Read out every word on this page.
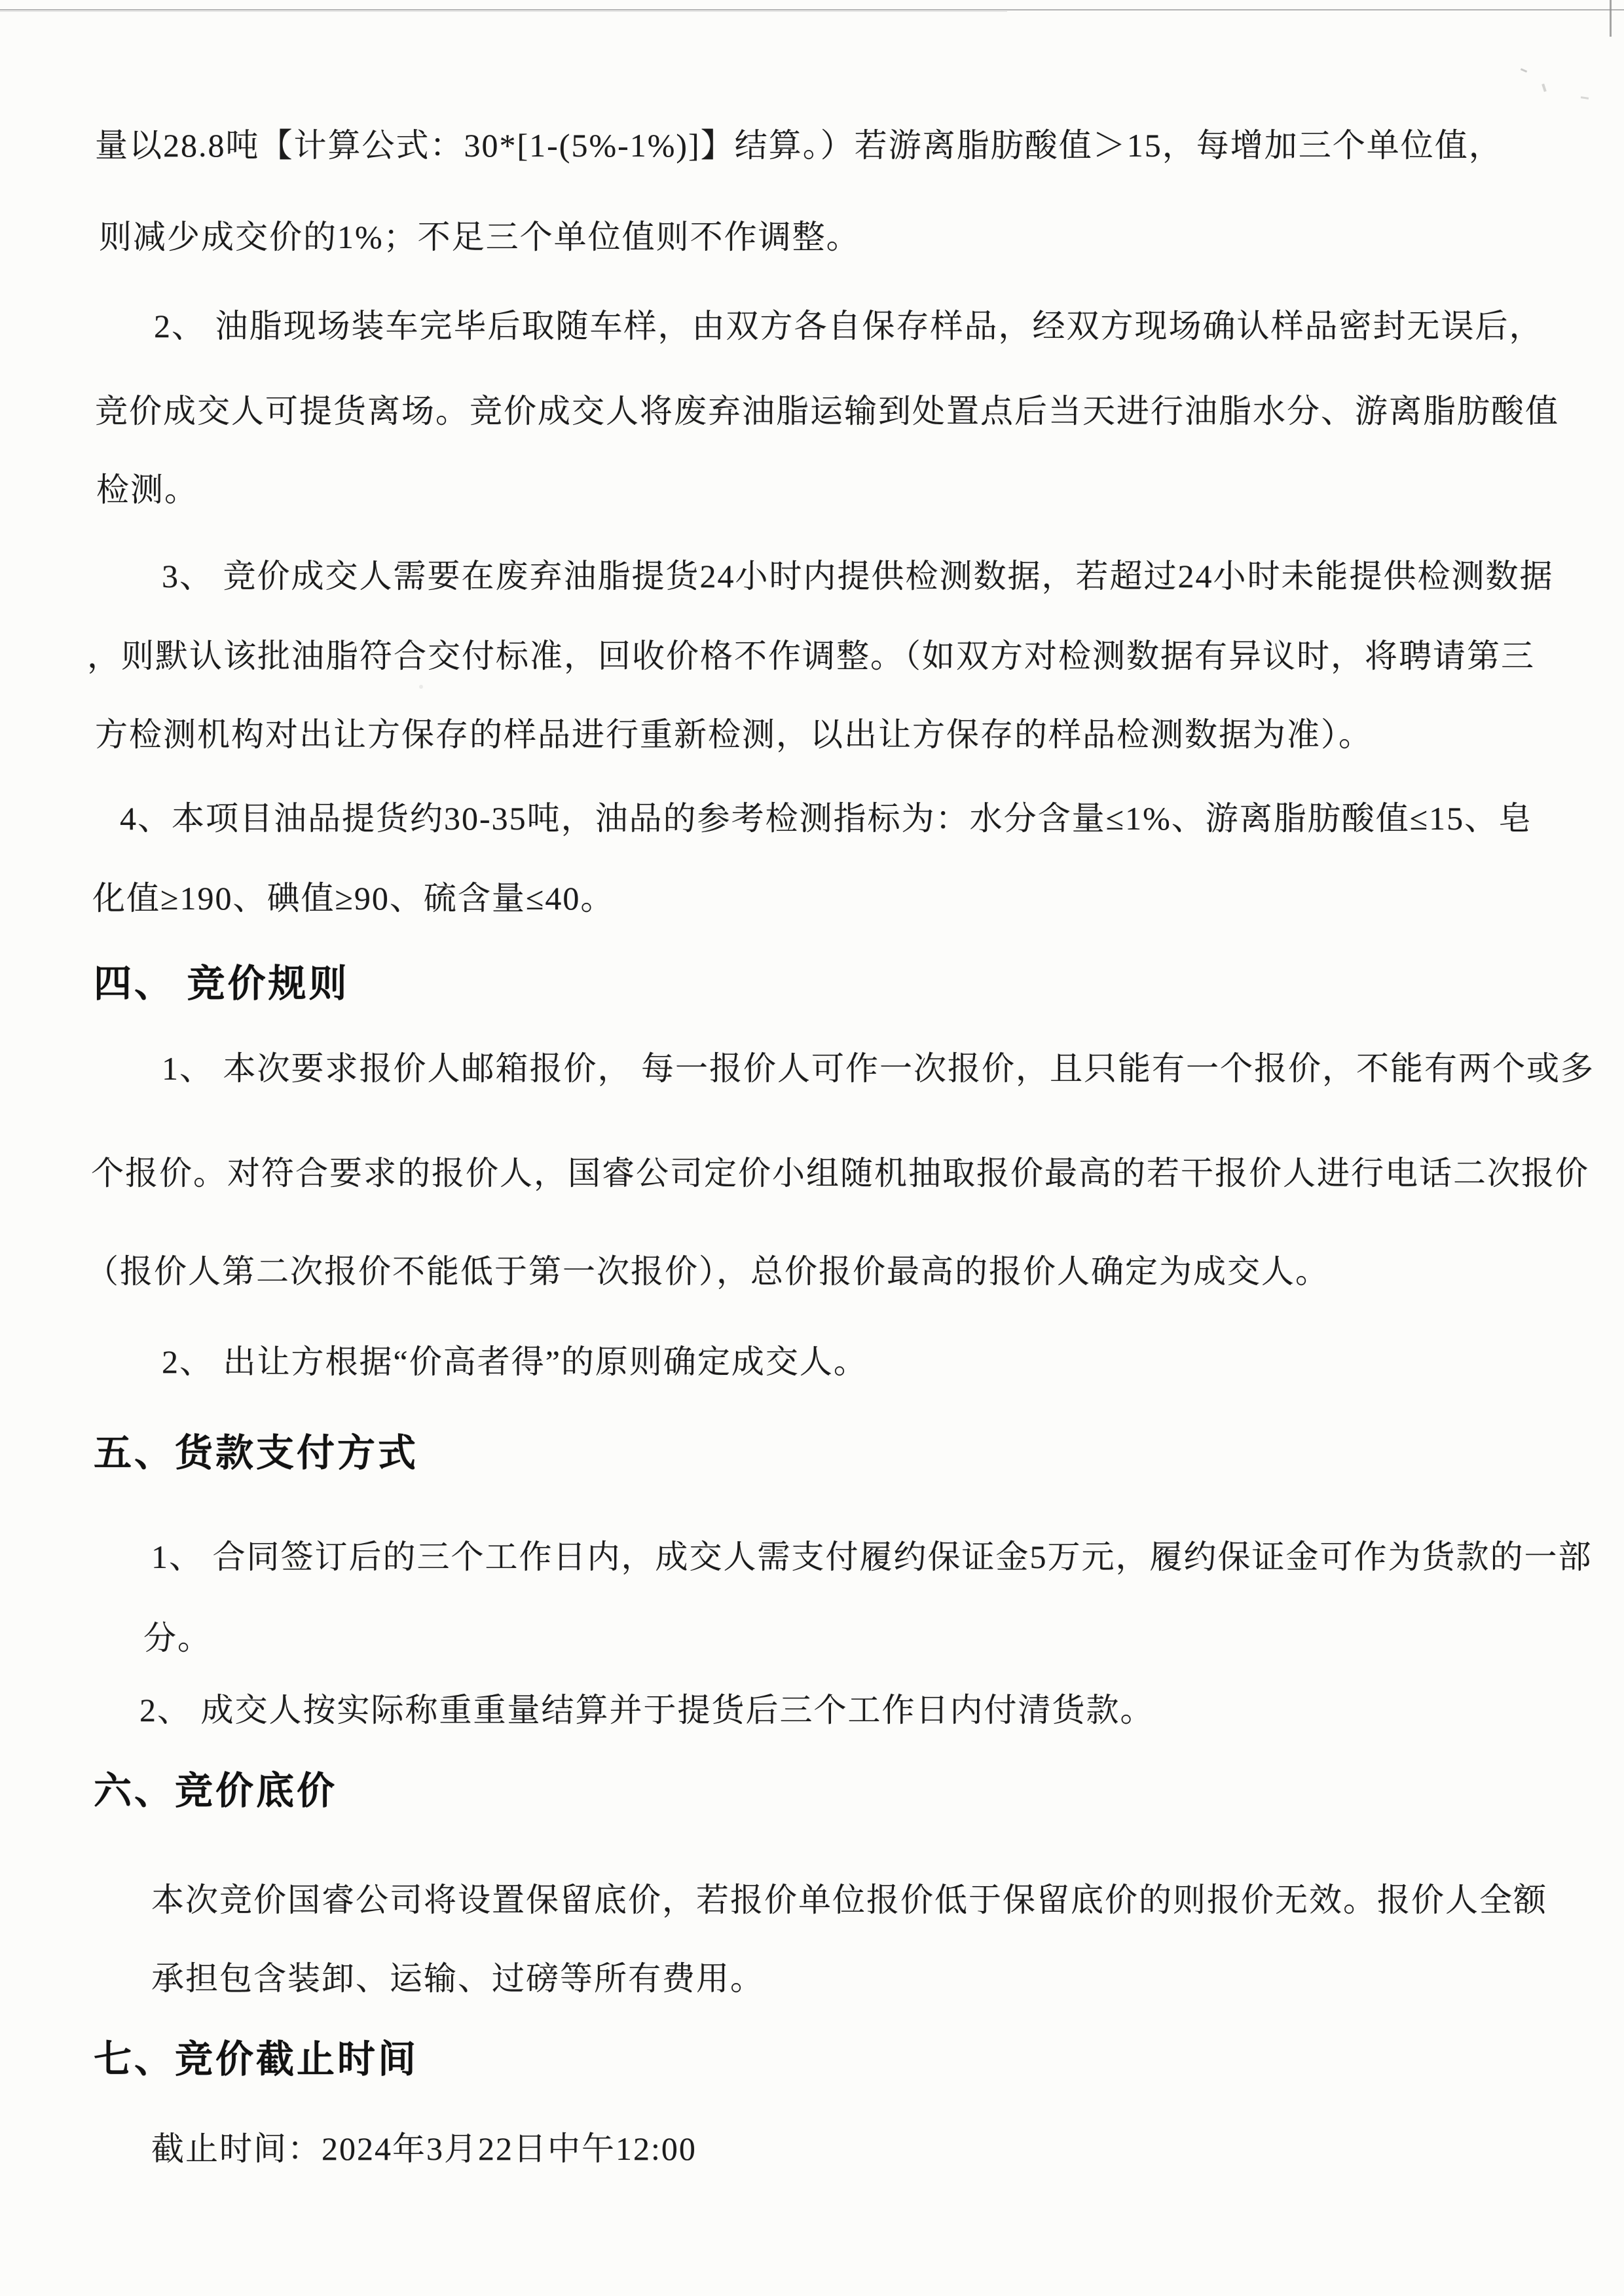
量以28.8吨【计算公式：30*[1-(5%-1%)]】结算。）若游离脂肪酸值＞15，每增加三个单位值，
则减少成交价的1%；不足三个单位值则不作调整。
2、 油脂现场装车完毕后取随车样，由双方各自保存样品，经双方现场确认样品密封无误后，
竞价成交人可提货离场。竞价成交人将废弃油脂运输到处置点后当天进行油脂水分、游离脂肪酸值
检测。
3、 竞价成交人需要在废弃油脂提货24小时内提供检测数据，若超过24小时未能提供检测数据
，则默认该批油脂符合交付标准，回收价格不作调整。（如双方对检测数据有异议时，将聘请第三
方检测机构对出让方保存的样品进行重新检测，以出让方保存的样品检测数据为准）。
4、本项目油品提货约30-35吨，油品的参考检测指标为：水分含量≤1%、游离脂肪酸值≤15、皂
化值≥190、碘值≥90、硫含量≤40。
四、 竞价规则
1、 本次要求报价人邮箱报价， 每一报价人可作一次报价，且只能有一个报价，不能有两个或多
个报价。对符合要求的报价人，国睿公司定价小组随机抽取报价最高的若干报价人进行电话二次报价
（报价人第二次报价不能低于第一次报价），总价报价最高的报价人确定为成交人。
2、 出让方根据“价高者得”的原则确定成交人。
五、货款支付方式
1、 合同签订后的三个工作日内，成交人需支付履约保证金5万元，履约保证金可作为货款的一部
分。
2、 成交人按实际称重重量结算并于提货后三个工作日内付清货款。
六、竞价底价
本次竞价国睿公司将设置保留底价，若报价单位报价低于保留底价的则报价无效。报价人全额
承担包含装卸、运输、过磅等所有费用。
七、竞价截止时间
截止时间：2024年3月22日中午12:00
